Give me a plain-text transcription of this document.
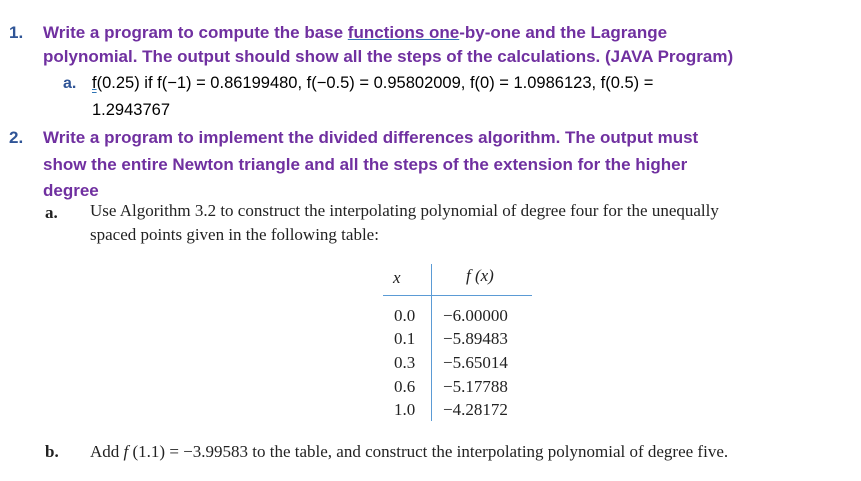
1. Write a program to compute the base functions one-by-one and the Lagrange
polynomial. The output should show all the steps of the calculations. (JAVA Program)
a. f(0.25) if f(−1) = 0.86199480, f(−0.5) = 0.95802009, f(0) = 1.0986123, f(0.5) =
1.2943767
2. Write a program to implement the divided differences algorithm. The output must
show the entire Newton triangle and all the steps of the extension for the higher
degree
a. Use Algorithm 3.2 to construct the interpolating polynomial of degree four for the unequally
spaced points given in the following table:
x	f (x)
0.0 −6.00000
0.1 −5.89483
0.3 −5.65014
0.6 −5.17788
1.0 −4.28172
b. Add f (1.1) = −3.99583 to the table, and construct the interpolating polynomial of degree five.
